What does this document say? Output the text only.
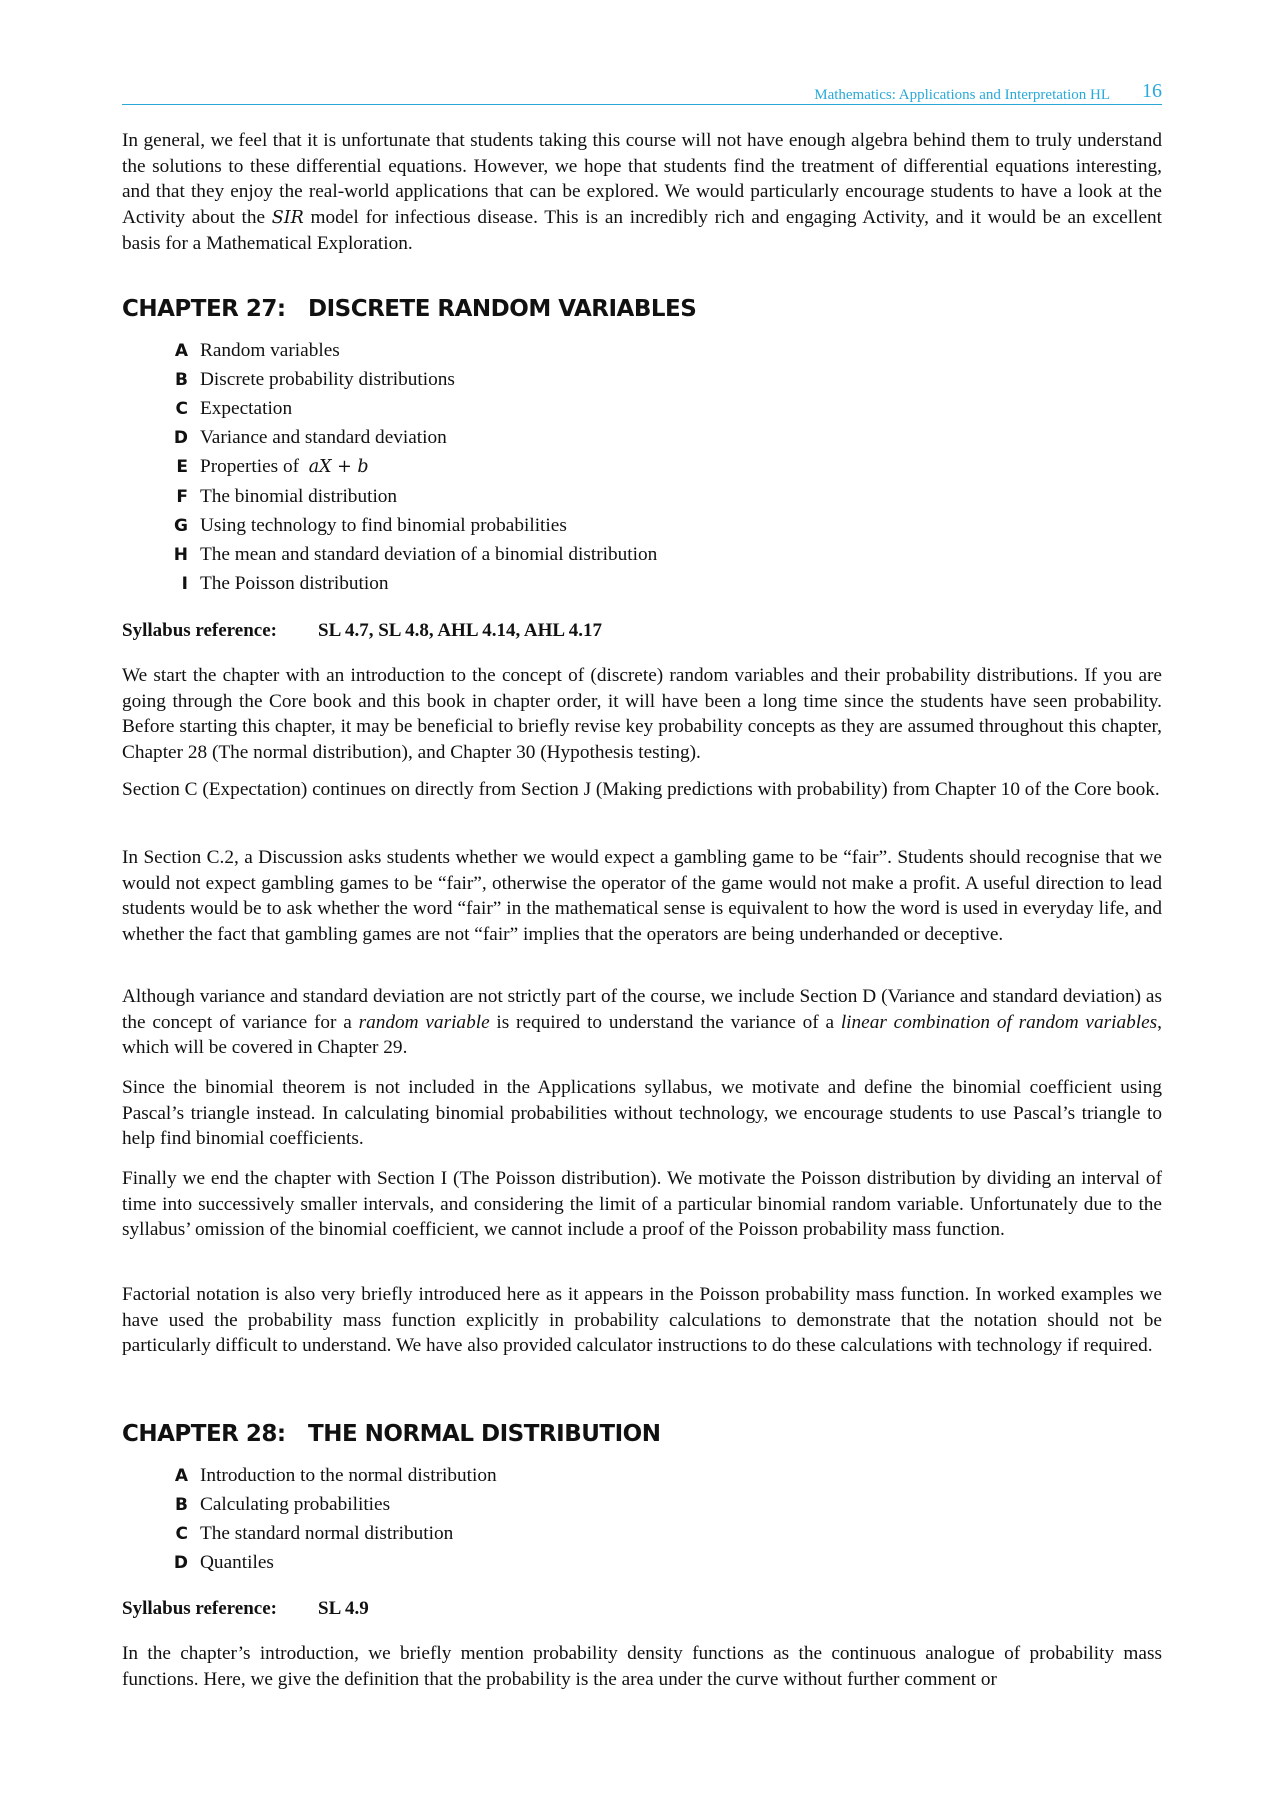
Mathematics: Applications and Interpretation HL 16

In general, we feel that it is unfortunate that students taking this course will not have enough algebra behind them to truly understand the solutions to these differential equations. However, we hope that students find the treatment of differential equations interesting, and that they enjoy the real-world applications that can be explored. We would particularly encourage students to have a look at the Activity about the SIR model for infectious disease. This is an incredibly rich and engaging Activity, and it would be an excellent basis for a Mathematical Exploration.

CHAPTER 27: DISCRETE RANDOM VARIABLES
A Random variables
B Discrete probability distributions
C Expectation
D Variance and standard deviation
E Properties of  aX + b
F The binomial distribution
G Using technology to find binomial probabilities
H The mean and standard deviation of a binomial distribution
I The Poisson distribution

Syllabus reference: SL 4.7, SL 4.8, AHL 4.14, AHL 4.17

We start the chapter with an introduction to the concept of (discrete) random variables and their probability distributions. If you are going through the Core book and this book in chapter order, it will have been a long time since the students have seen probability. Before starting this chapter, it may be beneficial to briefly revise key probability concepts as they are assumed throughout this chapter, Chapter 28 (The normal distribution), and Chapter 30 (Hypothesis testing).

Section C (Expectation) continues on directly from Section J (Making predictions with probability) from Chapter 10 of the Core book.

In Section C.2, a Discussion asks students whether we would expect a gambling game to be “fair”. Students should recognise that we would not expect gambling games to be “fair”, otherwise the operator of the game would not make a profit. A useful direction to lead students would be to ask whether the word “fair” in the mathematical sense is equivalent to how the word is used in everyday life, and whether the fact that gambling games are not “fair” implies that the operators are being underhanded or deceptive.

Although variance and standard deviation are not strictly part of the course, we include Section D (Variance and standard deviation) as the concept of variance for a random variable is required to understand the variance of a linear combination of random variables, which will be covered in Chapter 29.

Since the binomial theorem is not included in the Applications syllabus, we motivate and define the binomial coefficient using Pascal’s triangle instead. In calculating binomial probabilities without technology, we encourage students to use Pascal’s triangle to help find binomial coefficients.

Finally we end the chapter with Section I (The Poisson distribution). We motivate the Poisson distribution by dividing an interval of time into successively smaller intervals, and considering the limit of a particular binomial random variable. Unfortunately due to the syllabus’ omission of the binomial coefficient, we cannot include a proof of the Poisson probability mass function.

Factorial notation is also very briefly introduced here as it appears in the Poisson probability mass function. In worked examples we have used the probability mass function explicitly in probability calculations to demonstrate that the notation should not be particularly difficult to understand. We have also provided calculator instructions to do these calculations with technology if required.

CHAPTER 28: THE NORMAL DISTRIBUTION
A Introduction to the normal distribution
B Calculating probabilities
C The standard normal distribution
D Quantiles

Syllabus reference: SL 4.9

In the chapter’s introduction, we briefly mention probability density functions as the continuous analogue of probability mass functions. Here, we give the definition that the probability is the area under the curve without further comment or
